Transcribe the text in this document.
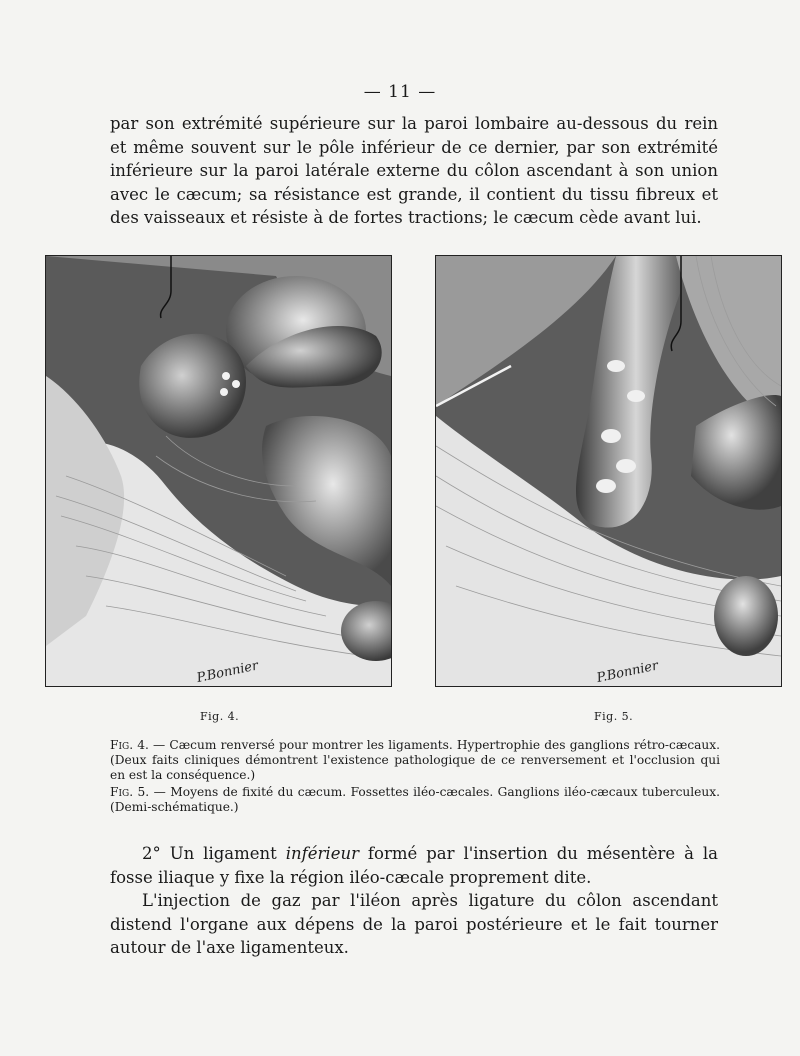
— 11 —

par son extrémité supérieure sur la paroi lombaire au-dessous du rein et même souvent sur le pôle inférieur de ce dernier, par son extrémité inférieure sur la paroi latérale externe du côlon ascendant à son union avec le cæcum; sa résistance est grande, il contient du tissu fibreux et des vaisseaux et résiste à de fortes tractions; le cæcum cède avant lui.

P.Bonnier	P.Bonnier
Fig. 4.	Fig. 5.
Fig. 4. — Cæcum renversé pour montrer les ligaments. Hypertrophie des ganglions rétro-cæcaux. (Deux faits cliniques démontrent l'existence pathologique de ce renversement et l'occlusion qui en est la conséquence.)
Fig. 5. — Moyens de fixité du cæcum. Fossettes iléo-cæcales. Ganglions iléo-cæcaux tuberculeux. (Demi-schématique.)

2° Un ligament inférieur formé par l'insertion du mésentère à la fosse iliaque y fixe la région iléo-cæcale proprement dite.

L'injection de gaz par l'iléon après ligature du côlon ascendant distend l'organe aux dépens de la paroi postérieure et le fait tourner autour de l'axe ligamenteux.
